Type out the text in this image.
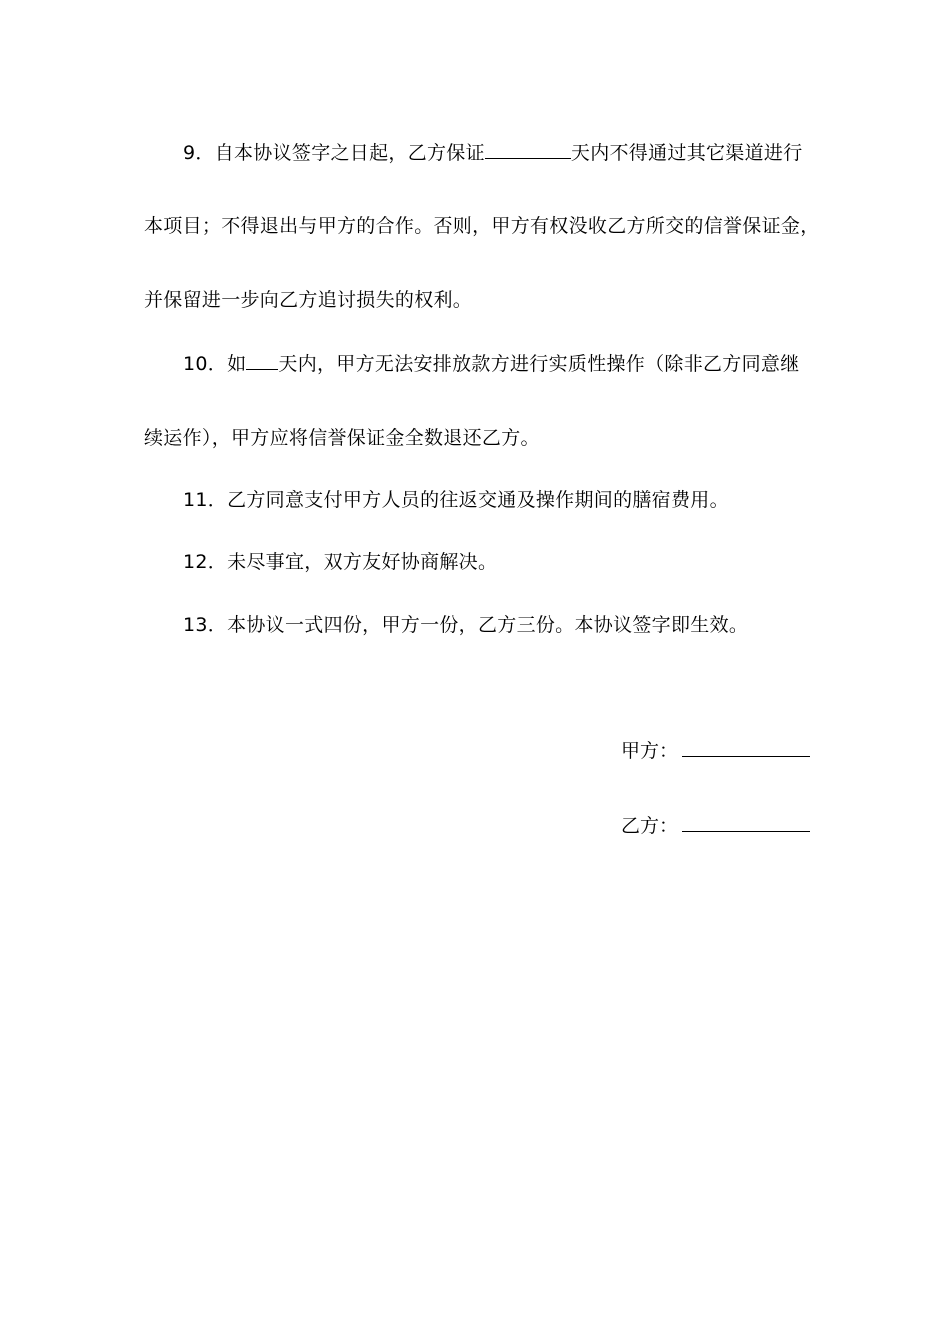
9．自本协议签字之日起，乙方保证	天内不得通过其它渠道进行
本项目；不得退出与甲方的合作。否则，甲方有权没收乙方所交的信誉保证金，
并保留进一步向乙方追讨损失的权利。
10．如 天内，甲方无法安排放款方进行实质性操作（除非乙方同意继
续运作），甲方应将信誉保证金全数退还乙方。
11．乙方同意支付甲方人员的往返交通及操作期间的膳宿费用。
12．未尽事宜，双方友好协商解决。
13．本协议一式四份，甲方一份，乙方三份。本协议签字即生效。
甲方：
乙方：
